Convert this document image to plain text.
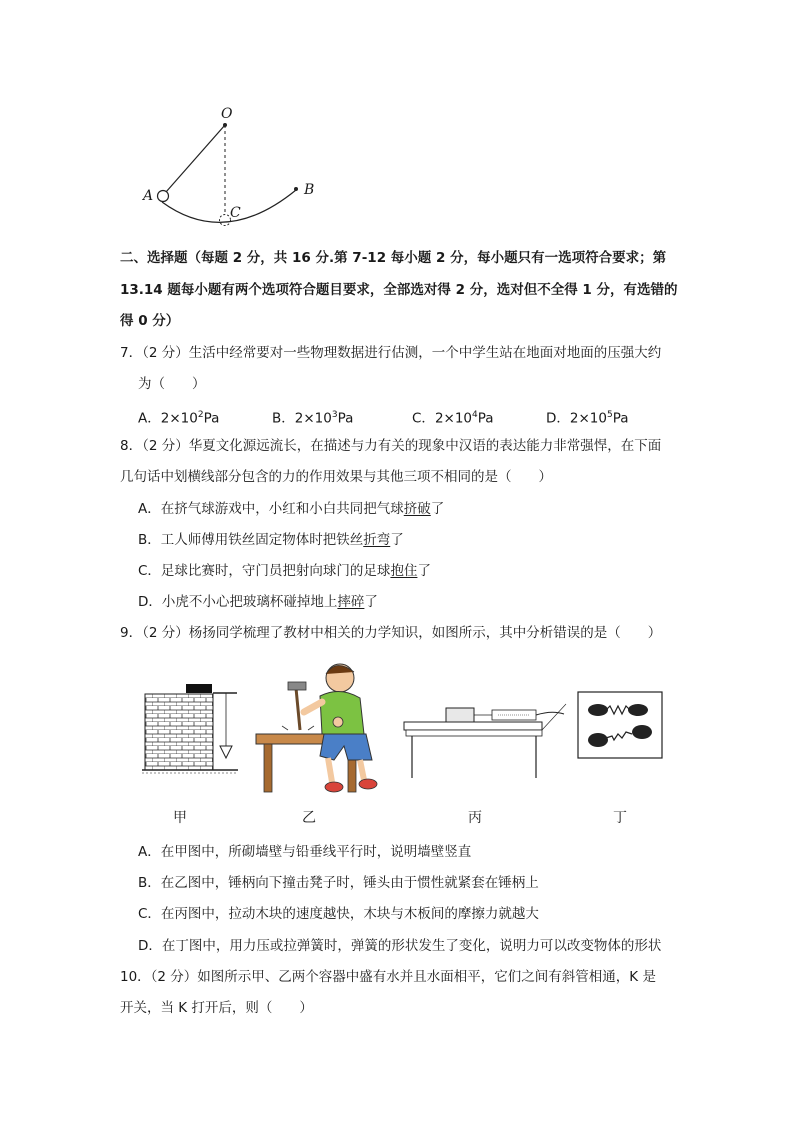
O
A	B
C
二、选择题（每题 2 分，共 16 分.第 7-12 每小题 2 分，每小题只有一选项符合要求；第
13.14 题每小题有两个选项符合题目要求，全部选对得 2 分，选对但不全得 1 分，有选错的
得 0 分）
7．（2 分）生活中经常要对一些物理数据进行估测，一个中学生站在地面对地面的压强大约
为（　　）
A．$2\times 10^2Pa$	B．$2\times 10^3Pa$	C．$2\times 10^4Pa$	D．$2\times 10^5Pa$
8．（2 分）华夏文化源远流长，在描述与力有关的现象中汉语的表达能力非常强悍，在下面
几句话中划横线部分包含的力的作用效果与其他三项不相同的是（　　）
A．在挤气球游戏中，小红和小白共同把气球挤破了
B．工人师傅用铁丝固定物体时把铁丝折弯了
C．足球比赛时，守门员把射向球门的足球抱住了
D．小虎不小心把玻璃杯碰掉地上摔碎了
9．（2 分）杨扬同学梳理了教材中相关的力学知识，如图所示，其中分析错误的是（　　）
甲	乙	丙	丁
A．在甲图中，所砌墙壁与铅垂线平行时，说明墙壁竖直
B．在乙图中，锤柄向下撞击凳子时，锤头由于惯性就紧套在锤柄上
C．在丙图中，拉动木块的速度越快，木块与木板间的摩擦力就越大
D．在丁图中，用力压或拉弹簧时，弹簧的形状发生了变化，说明力可以改变物体的形状
10．（2 分）如图所示甲、乙两个容器中盛有水并且水面相平，它们之间有斜管相通，K 是
开关，当 K 打开后，则（　　）
